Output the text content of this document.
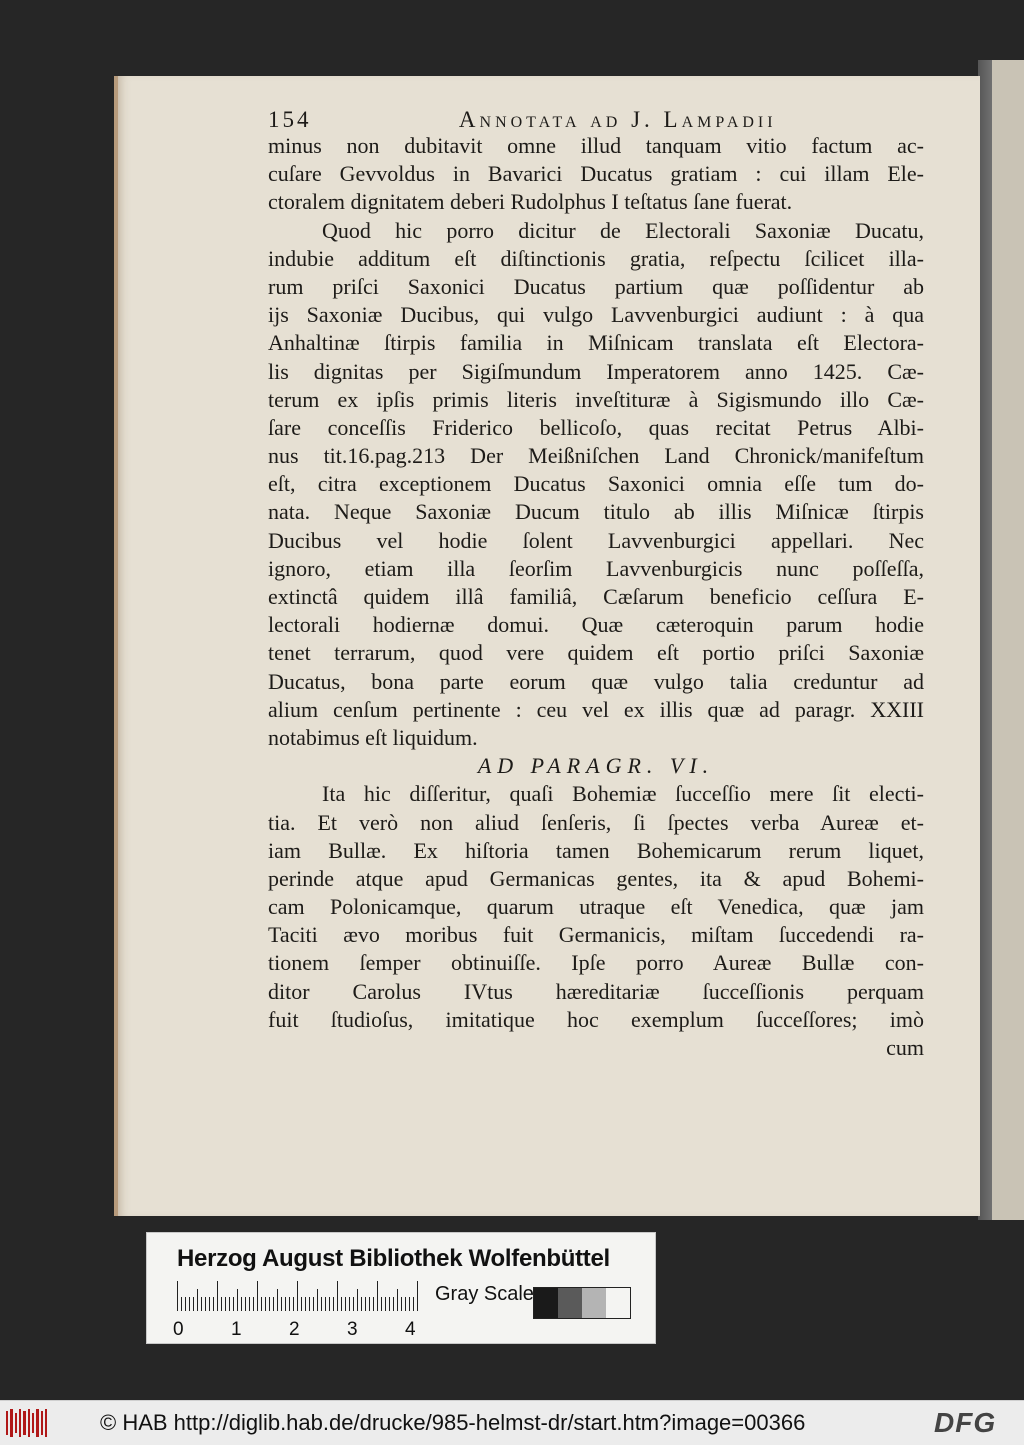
154	Annotata ad J. Lampadii
minus non dubitavit omne illud tanquam vitio factum ac-
cuſare Gevvoldus in Bavarici Ducatus gratiam : cui illam Ele-
ctoralem dignitatem deberi Rudolphus I teſtatus ſane fuerat.
Quod hic porro dicitur de Electorali Saxoniæ Ducatu,
indubie additum eſt diſtinctionis gratia, reſpectu ſcilicet illa-
rum priſci Saxonici Ducatus partium quæ poſſidentur ab
ijs Saxoniæ Ducibus, qui vulgo Lavvenburgici audiunt : à qua
Anhaltinæ ſtirpis familia in Miſnicam translata eſt Electora-
lis dignitas per Sigiſmundum Imperatorem anno 1425. Cæ-
terum ex ipſis primis literis inveſtituræ à Sigismundo illo Cæ-
ſare conceſſis Friderico bellicoſo, quas recitat Petrus Albi-
nus tit.16.pag.213 Der Meißniſchen Land Chronick/manifeſtum
eſt, citra exceptionem Ducatus Saxonici omnia eſſe tum do-
nata. Neque Saxoniæ Ducum titulo ab illis Miſnicæ ſtirpis
Ducibus vel hodie ſolent Lavvenburgici appellari. Nec
ignoro, etiam illa ſeorſim Lavvenburgicis nunc poſſeſſa,
extinctâ quidem illâ familiâ, Cæſarum beneficio ceſſura E-
lectorali hodiernæ domui. Quæ cæteroquin parum hodie
tenet terrarum, quod vere quidem eſt portio priſci Saxoniæ
Ducatus, bona parte eorum quæ vulgo talia creduntur ad
alium cenſum pertinente : ceu vel ex illis quæ ad paragr. XXIII
notabimus eſt liquidum.
AD PARAGR. VI.
Ita hic diſſeritur, quaſi Bohemiæ ſucceſſio mere ſit electi-
tia. Et verò non aliud ſenſeris, ſi ſpectes verba Aureæ et-
iam Bullæ. Ex hiſtoria tamen Bohemicarum rerum liquet,
perinde atque apud Germanicas gentes, ita & apud Bohemi-
cam Polonicamque, quarum utraque eſt Venedica, quæ jam
Taciti ævo moribus fuit Germanicis, miſtam ſuccedendi ra-
tionem ſemper obtinuiſſe. Ipſe porro Aureæ Bullæ con-
ditor Carolus IVtus hæreditariæ ſucceſſionis perquam
fuit ſtudioſus, imitatique hoc exemplum ſucceſſores; imò
cum
Herzog August Bibliothek Wolfenbüttel
0 1 2 3 4
Gray Scale
© HAB http://diglib.hab.de/drucke/985-helmst-dr/start.htm?image=00366	DFG
